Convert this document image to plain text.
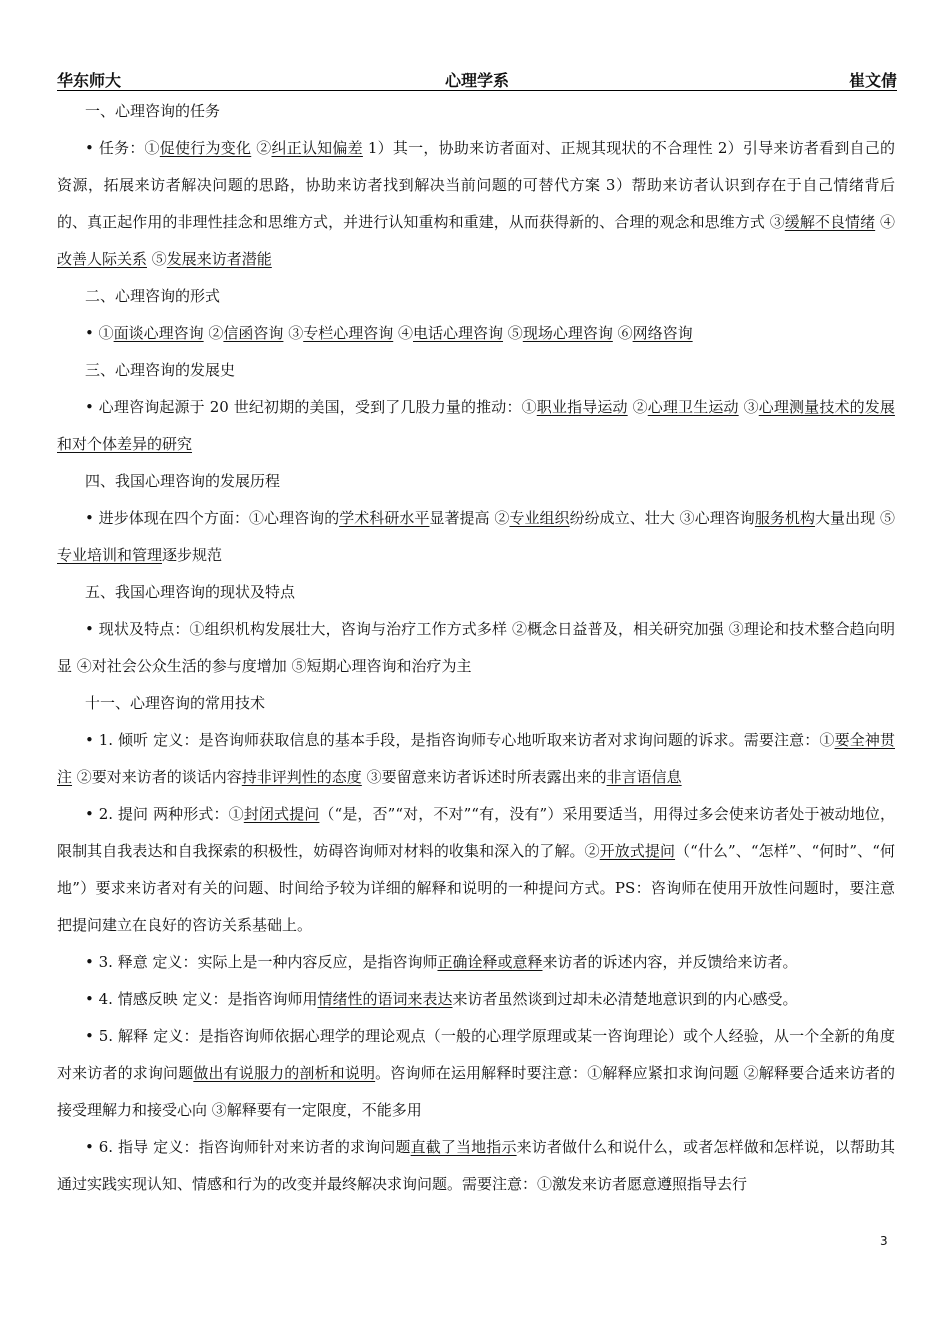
华东师大	心理学系	崔文倩

一、心理咨询的任务

• 任务：①促使行为变化 ②纠正认知偏差 1）其一，协助来访者面对、正规其现状的不合理性 2）引导来访者看到自己的资源，拓展来访者解决问题的思路，协助来访者找到解决当前问题的可替代方案 3）帮助来访者认识到存在于自己情绪背后的、真正起作用的非理性挂念和思维方式，并进行认知重构和重建，从而获得新的、合理的观念和思维方式 ③缓解不良情绪 ④改善人际关系 ⑤发展来访者潜能

二、心理咨询的形式

• ①面谈心理咨询 ②信函咨询 ③专栏心理咨询 ④电话心理咨询 ⑤现场心理咨询 ⑥网络咨询

三、心理咨询的发展史

• 心理咨询起源于 20 世纪初期的美国，受到了几股力量的推动：①职业指导运动 ②心理卫生运动 ③心理测量技术的发展和对个体差异的研究

四、我国心理咨询的发展历程

• 进步体现在四个方面：①心理咨询的学术科研水平显著提高 ②专业组织纷纷成立、壮大 ③心理咨询服务机构大量出现 ⑤专业培训和管理逐步规范

五、我国心理咨询的现状及特点

• 现状及特点：①组织机构发展壮大，咨询与治疗工作方式多样 ②概念日益普及，相关研究加强 ③理论和技术整合趋向明显 ④对社会公众生活的参与度增加 ⑤短期心理咨询和治疗为主

十一、心理咨询的常用技术

• 1. 倾听 定义：是咨询师获取信息的基本手段，是指咨询师专心地听取来访者对求询问题的诉求。需要注意：①要全神贯注 ②要对来访者的谈话内容持非评判性的态度 ③要留意来访者诉述时所表露出来的非言语信息

• 2. 提问 两种形式：①封闭式提问（“是，否”“对，不对”“有，没有”）采用要适当，用得过多会使来访者处于被动地位，限制其自我表达和自我探索的积极性，妨碍咨询师对材料的收集和深入的了解。②开放式提问（“什么”、“怎样”、“何时”、“何地”）要求来访者对有关的问题、时间给予较为详细的解释和说明的一种提问方式。PS：咨询师在使用开放性问题时，要注意把提问建立在良好的咨访关系基础上。

• 3. 释意 定义：实际上是一种内容反应，是指咨询师正确诠释或意释来访者的诉述内容，并反馈给来访者。

• 4. 情感反映 定义：是指咨询师用情绪性的语词来表达来访者虽然谈到过却未必清楚地意识到的内心感受。

• 5. 解释 定义：是指咨询师依据心理学的理论观点（一般的心理学原理或某一咨询理论）或个人经验，从一个全新的角度对来访者的求询问题做出有说服力的剖析和说明。咨询师在运用解释时要注意：①解释应紧扣求询问题 ②解释要合适来访者的接受理解力和接受心向 ③解释要有一定限度，不能多用

• 6. 指导 定义：指咨询师针对来访者的求询问题直截了当地指示来访者做什么和说什么，或者怎样做和怎样说，以帮助其通过实践实现认知、情感和行为的改变并最终解决求询问题。需要注意：①激发来访者愿意遵照指导去行

3
